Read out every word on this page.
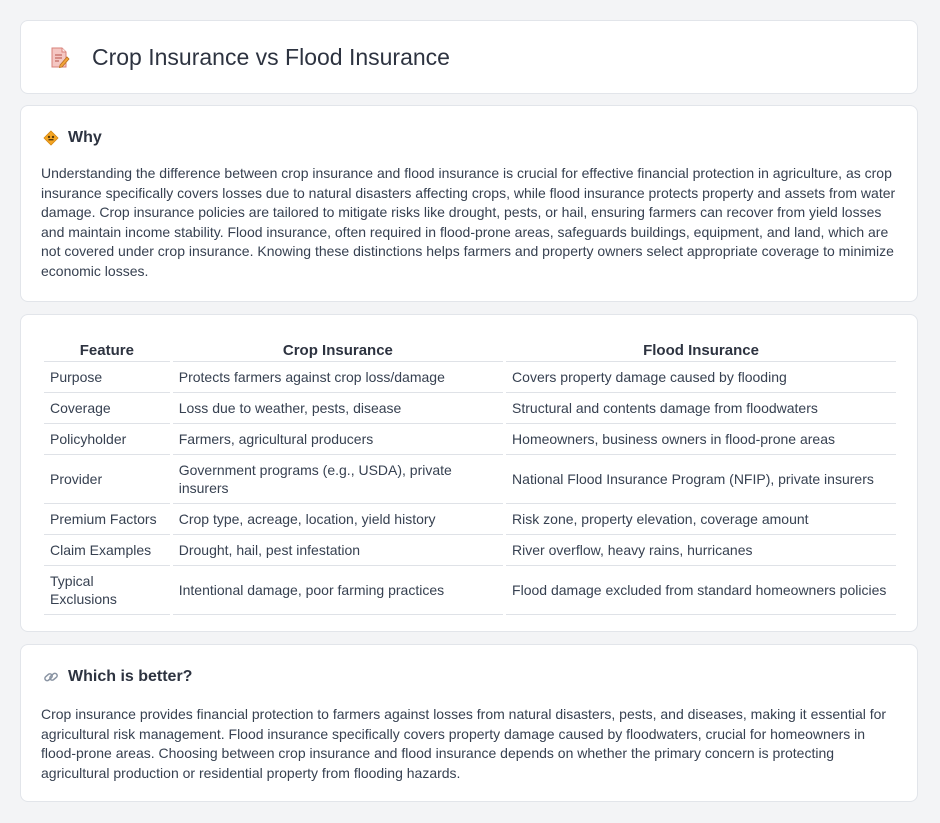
Crop Insurance vs Flood Insurance
Why

Understanding the difference between crop insurance and flood insurance is crucial for effective financial protection in agriculture, as crop insurance specifically covers losses due to natural disasters affecting crops, while flood insurance protects property and assets from water damage. Crop insurance policies are tailored to mitigate risks like drought, pests, or hail, ensuring farmers can recover from yield losses and maintain income stability. Flood insurance, often required in flood-prone areas, safeguards buildings, equipment, and land, which are not covered under crop insurance. Knowing these distinctions helps farmers and property owners select appropriate coverage to minimize economic losses.

Feature	Crop Insurance	Flood Insurance
Purpose	Protects farmers against crop loss/damage	Covers property damage caused by flooding
Coverage	Loss due to weather, pests, disease	Structural and contents damage from floodwaters
Policyholder	Farmers, agricultural producers	Homeowners, business owners in flood-prone areas
Provider	Government programs (e.g., USDA), private insurers	National Flood Insurance Program (NFIP), private insurers
Premium Factors	Crop type, acreage, location, yield history	Risk zone, property elevation, coverage amount
Claim Examples	Drought, hail, pest infestation	River overflow, heavy rains, hurricanes
Typical Exclusions	Intentional damage, poor farming practices	Flood damage excluded from standard homeowners policies
Which is better?

Crop insurance provides financial protection to farmers against losses from natural disasters, pests, and diseases, making it essential for agricultural risk management. Flood insurance specifically covers property damage caused by floodwaters, crucial for homeowners in flood-prone areas. Choosing between crop insurance and flood insurance depends on whether the primary concern is protecting agricultural production or residential property from flooding hazards.
